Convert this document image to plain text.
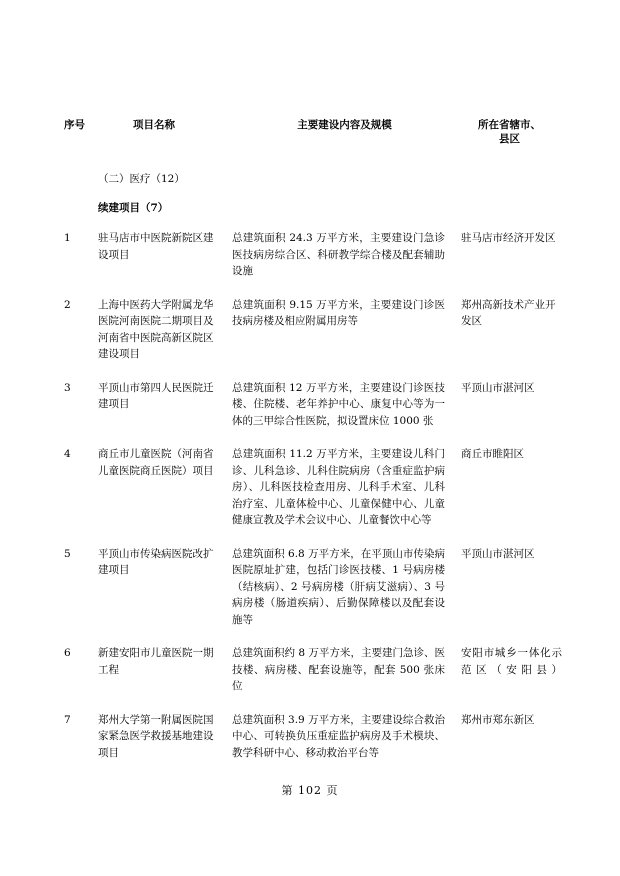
序号	项目名称	主要建设内容及规模	所在省辖市、
县区
	（二）医疗（12）		
	续建项目（7）		
1	驻马店市中医院新院区建设项目	总建筑面积 24.3 万平方米，主要建设门急诊医技病房综合区、科研教学综合楼及配套辅助设施	驻马店市经济开发区
2	上海中医药大学附属龙华医院河南医院二期项目及河南省中医院高新区院区建设项目	总建筑面积 9.15 万平方米，主要建设门诊医技病房楼及相应附属用房等	郑州高新技术产业开发区
3	平顶山市第四人民医院迁建项目	总建筑面积 12 万平方米，主要建设门诊医技楼、住院楼、老年养护中心、康复中心等为一体的三甲综合性医院，拟设置床位 1000 张	平顶山市湛河区
4	商丘市儿童医院（河南省儿童医院商丘医院）项目	总建筑面积 11.2 万平方米，主要建设儿科门诊、儿科急诊、儿科住院病房（含重症监护病房）、儿科医技检查用房、儿科手术室、儿科治疗室、儿童体检中心、儿童保健中心、儿童健康宣教及学术会议中心、儿童餐饮中心等	商丘市睢阳区
5	平顶山市传染病医院改扩建项目	总建筑面积 6.8 万平方米，在平顶山市传染病医院原址扩建，包括门诊医技楼、1 号病房楼（结核病）、2 号病房楼（肝病艾滋病）、3 号病房楼（肠道疾病）、后勤保障楼以及配套设施等	平顶山市湛河区
6	新建安阳市儿童医院一期工程	总建筑面积约 8 万平方米，主要建门急诊、医技楼、病房楼、配套设施等，配套 500 张床位	安阳市城乡一体化示范区（安阳县）

7	郑州大学第一附属医院国家紧急医学救援基地建设项目	总建筑面积 3.9 万平方米，主要建设综合救治中心、可转换负压重症监护病房及手术模块、教学科研中心、移动救治平台等	郑州市郑东新区
第 102 页
